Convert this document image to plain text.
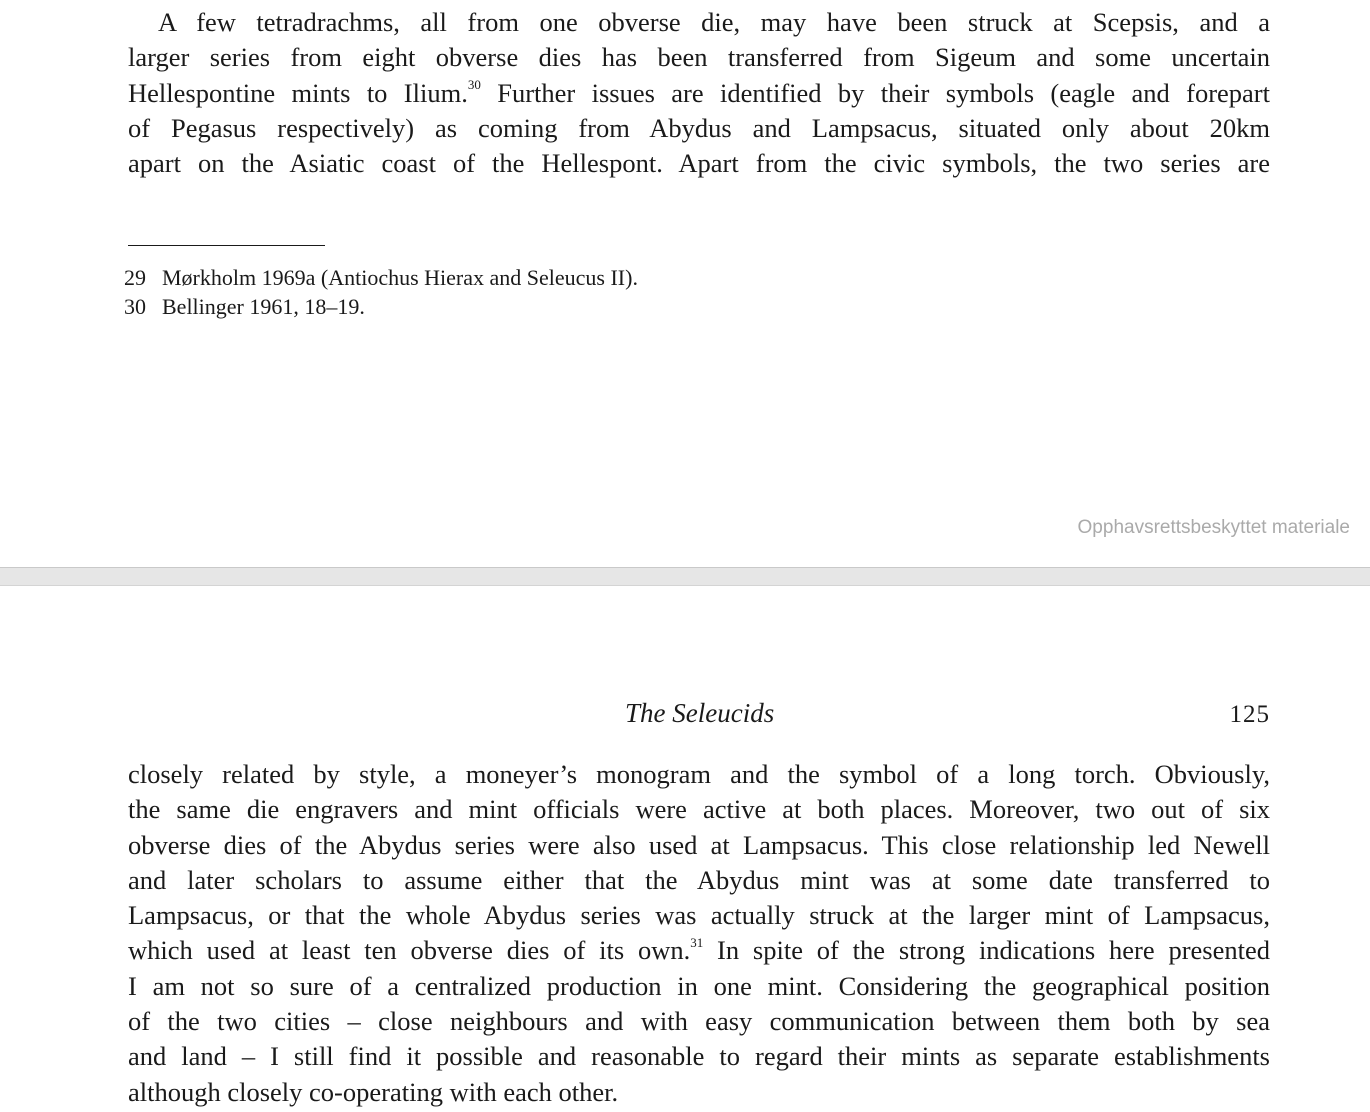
A few tetradrachms, all from one obverse die, may have been struck at Scepsis, and a
larger series from eight obverse dies has been transferred from Sigeum and some uncertain
Hellespontine mints to Ilium.$^{30}$ Further issues are identified by their symbols (eagle and forepart
of Pegasus respectively) as coming from Abydus and Lampsacus, situated only about 20km
apart on the Asiatic coast of the Hellespont. Apart from the civic symbols, the two series are
29 Mørkholm 1969a (Antiochus Hierax and Seleucus II).
30 Bellinger 1961, 18–19.
Opphavsrettsbeskyttet materiale
The Seleucids	125
closely related by style, a moneyer’s monogram and the symbol of a long torch. Obviously,
the same die engravers and mint officials were active at both places. Moreover, two out of six
obverse dies of the Abydus series were also used at Lampsacus. This close relationship led Newell
and later scholars to assume either that the Abydus mint was at some date transferred to
Lampsacus, or that the whole Abydus series was actually struck at the larger mint of Lampsacus,
which used at least ten obverse dies of its own.$^{31}$ In spite of the strong indications here presented
I am not so sure of a centralized production in one mint. Considering the geographical position
of the two cities – close neighbours and with easy communication between them both by sea
and land – I still find it possible and reasonable to regard their mints as separate establishments
although closely co-operating with each other.
